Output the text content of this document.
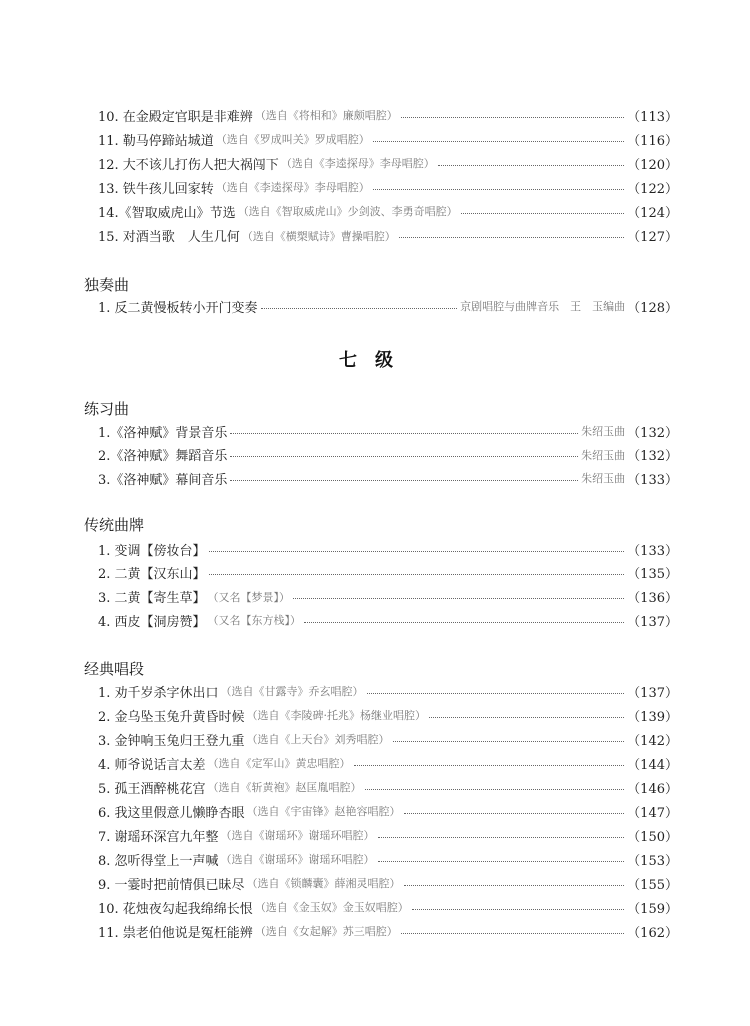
10. 在金殿定官职是非难辨 （选自《将相和》廉颇唱腔）	（113）
11. 勒马停蹄站城道 （选自《罗成叫关》罗成唱腔）	（116）
12. 大不该儿打伤人把大祸闯下 （选自《李逵探母》李母唱腔）	（120）
13. 铁牛孩儿回家转 （选自《李逵探母》李母唱腔）	（122）
14.《智取威虎山》节选 （选自《智取威虎山》少剑波、李勇奇唱腔）	（124）
15. 对酒当歌　人生几何 （选自《横槊赋诗》曹操唱腔）	（127）
1. 反二黄慢板转小开门变奏	京剧唱腔与曲牌音乐　王　玉编曲 （128）
1.《洛神赋》背景音乐	朱绍玉曲 （132）
2.《洛神赋》舞蹈音乐	朱绍玉曲 （132）
3.《洛神赋》幕间音乐	朱绍玉曲 （133）
1. 变调【傍妆台】	（133）
2. 二黄【汉东山】	（135）
3. 二黄【寄生草】 （又名【梦景】）	（136）
4. 西皮【洞房赞】 （又名【东方栈】）	（137）
1. 劝千岁杀字休出口 （选自《甘露寺》乔玄唱腔）	（137）
2. 金乌坠玉兔升黄昏时候 （选自《李陵碑·托兆》杨继业唱腔）	（139）
3. 金钟响玉兔归王登九重 （选自《上天台》刘秀唱腔）	（142）
4. 师爷说话言太差 （选自《定军山》黄忠唱腔）	（144）
5. 孤王酒醉桃花宫 （选自《斩黄袍》赵匡胤唱腔）	（146）
6. 我这里假意儿懒睁杏眼 （选自《宇宙锋》赵艳容唱腔）	（147）
7. 谢瑶环深宫九年整 （选自《谢瑶环》谢瑶环唱腔）	（150）
8. 忽听得堂上一声喊 （选自《谢瑶环》谢瑶环唱腔）	（153）
9. 一霎时把前情俱已昧尽 （选自《锁麟囊》薛湘灵唱腔）	（155）
10. 花烛夜勾起我绵绵长恨 （选自《金玉奴》金玉奴唱腔）	（159）
11. 祟老伯他说是冤枉能辨 （选自《女起解》苏三唱腔）	（162）
独奏曲
七级
练习曲
传统曲牌
经典唱段
